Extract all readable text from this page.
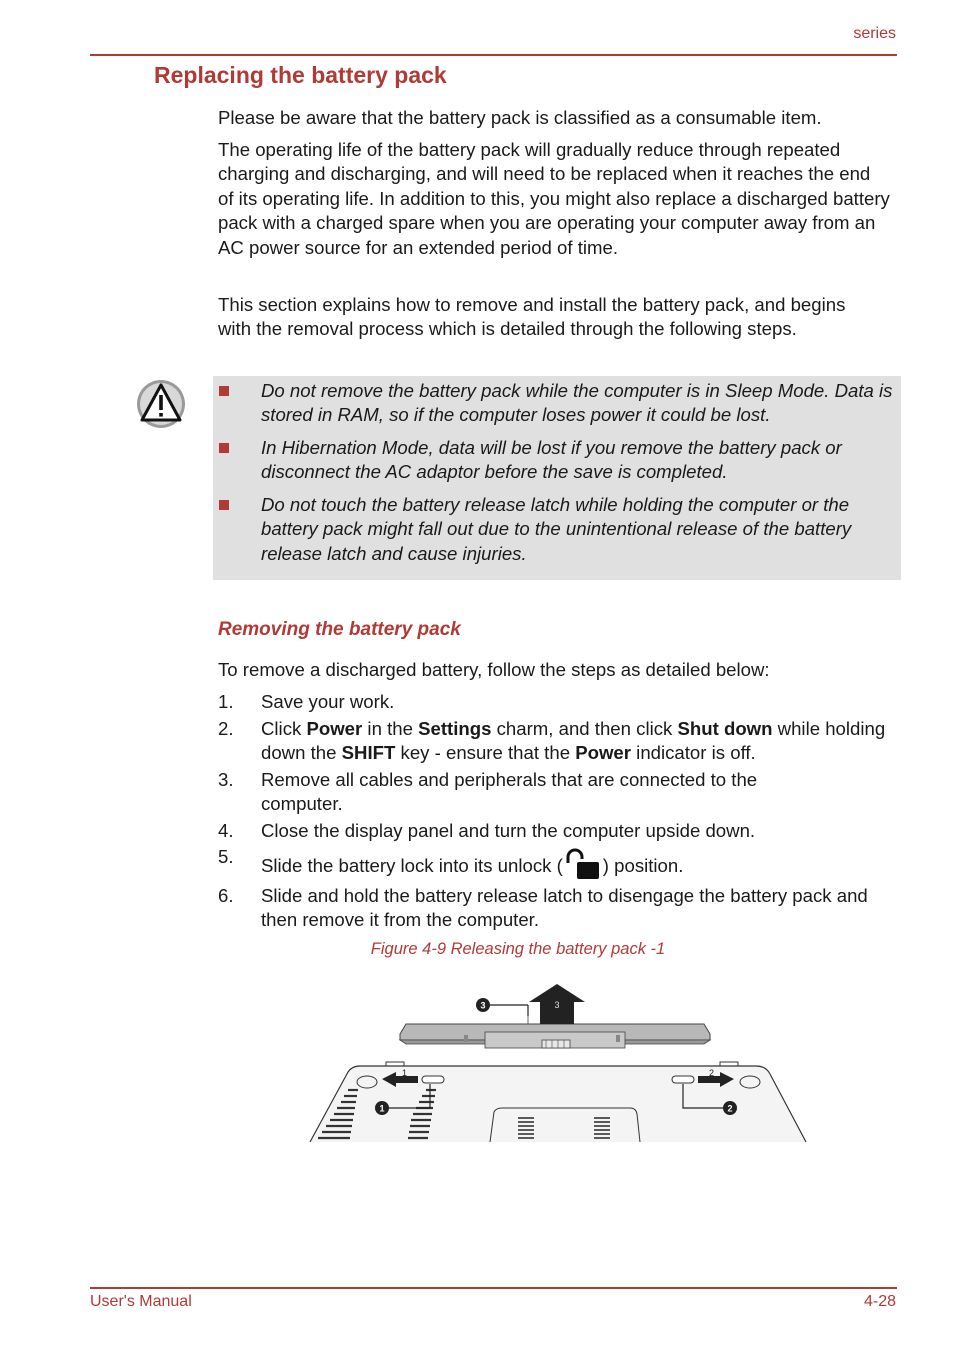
series
Replacing the battery pack
Please be aware that the battery pack is classified as a consumable item.
The operating life of the battery pack will gradually reduce through repeated charging and discharging, and will need to be replaced when it reaches the end of its operating life. In addition to this, you might also replace a discharged battery pack with a charged spare when you are operating your computer away from an AC power source for an extended period of time.
This section explains how to remove and install the battery pack, and begins with the removal process which is detailed through the following steps.
Do not remove the battery pack while the computer is in Sleep Mode. Data is stored in RAM, so if the computer loses power it could be lost.
In Hibernation Mode, data will be lost if you remove the battery pack or disconnect the AC adaptor before the save is completed.
Do not touch the battery release latch while holding the computer or the battery pack might fall out due to the unintentional release of the battery release latch and cause injuries.
Removing the battery pack
To remove a discharged battery, follow the steps as detailed below:
1. Save your work.
2. Click Power in the Settings charm, and then click Shut down while holding down the SHIFT key - ensure that the Power indicator is off.
3. Remove all cables and peripherals that are connected to the computer.
4. Close the display panel and turn the computer upside down.
5. Slide the battery lock into its unlock ( ) position.
6. Slide and hold the battery release latch to disengage the battery pack and then remove it from the computer.
Figure 4-9 Releasing the battery pack -1
3
3
1	2
1	2
User's Manual	4-28
